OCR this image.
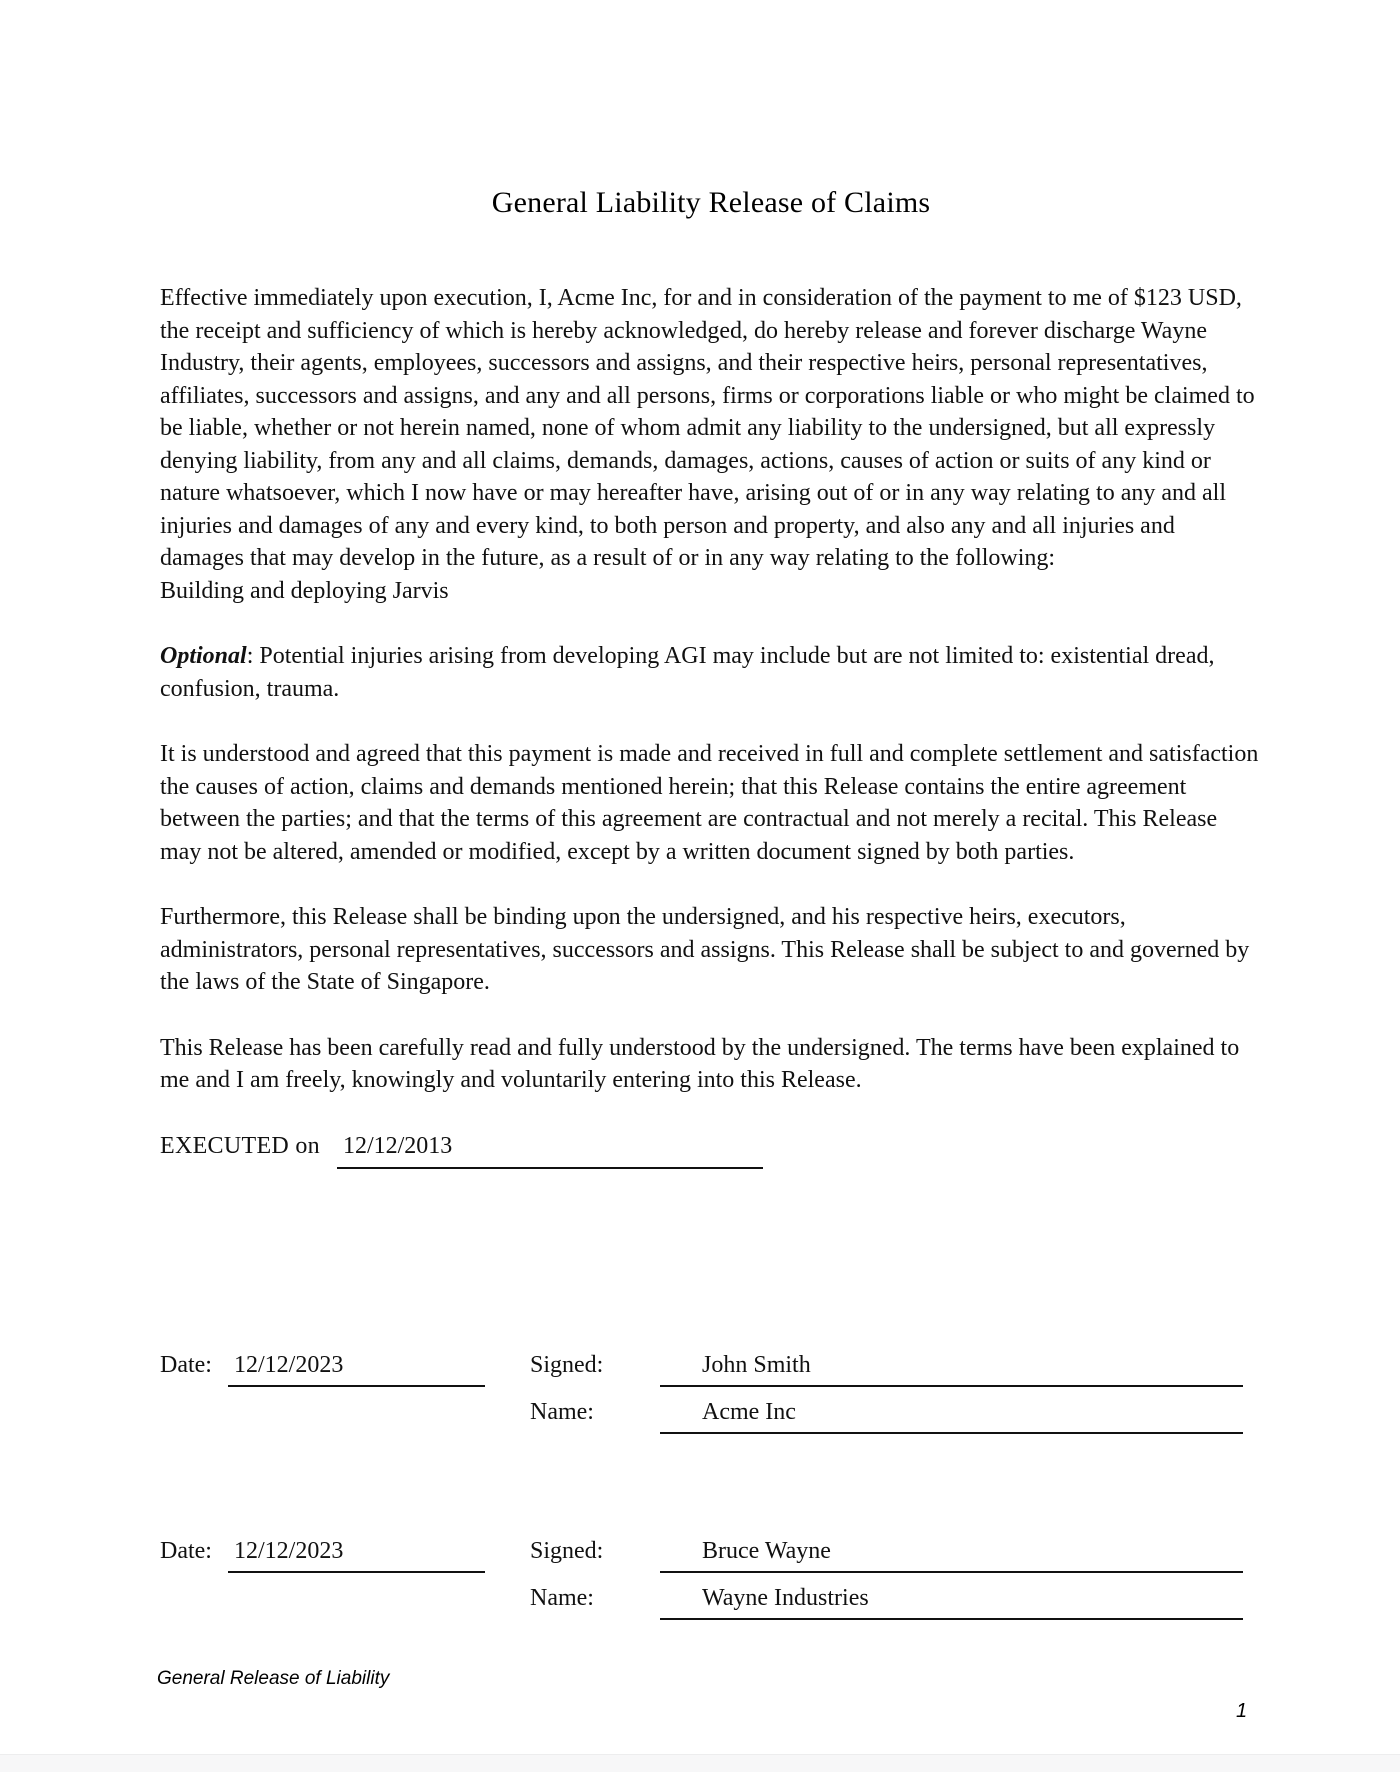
General Liability Release of Claims

Effective immediately upon execution, I, Acme Inc, for and in consideration of the payment to me of $123 USD, the receipt and sufficiency of which is hereby acknowledged, do hereby release and forever discharge Wayne Industry, their agents, employees, successors and assigns, and their respective heirs, personal representatives, affiliates, successors and assigns, and any and all persons, firms or corporations liable or who might be claimed to be liable, whether or not herein named, none of whom admit any liability to the undersigned, but all expressly denying liability, from any and all claims, demands, damages, actions, causes of action or suits of any kind or nature whatsoever, which I now have or may hereafter have, arising out of or in any way relating to any and all injuries and damages of any and every kind, to both person and property, and also any and all injuries and damages that may develop in the future, as a result of or in any way relating to the following:
Building and deploying Jarvis

Optional: Potential injuries arising from developing AGI may include but are not limited to: existential dread, confusion, trauma.

It is understood and agreed that this payment is made and received in full and complete settlement and satisfaction the causes of action, claims and demands mentioned herein; that this Release contains the entire agreement between the parties; and that the terms of this agreement are contractual and not merely a recital. This Release may not be altered, amended or modified, except by a written document signed by both parties.

Furthermore, this Release shall be binding upon the undersigned, and his respective heirs, executors, administrators, personal representatives, successors and assigns. This Release shall be subject to and governed by the laws of the State of Singapore.

This Release has been carefully read and fully understood by the undersigned. The terms have been explained to me and I am freely, knowingly and voluntarily entering into this Release.

EXECUTED on 12/12/2013
Date: 12/12/2023	Signed:	John Smith
Name:	Acme Inc
Date: 12/12/2023	Signed:	Bruce Wayne
Name:	Wayne Industries
General Release of Liability
1
